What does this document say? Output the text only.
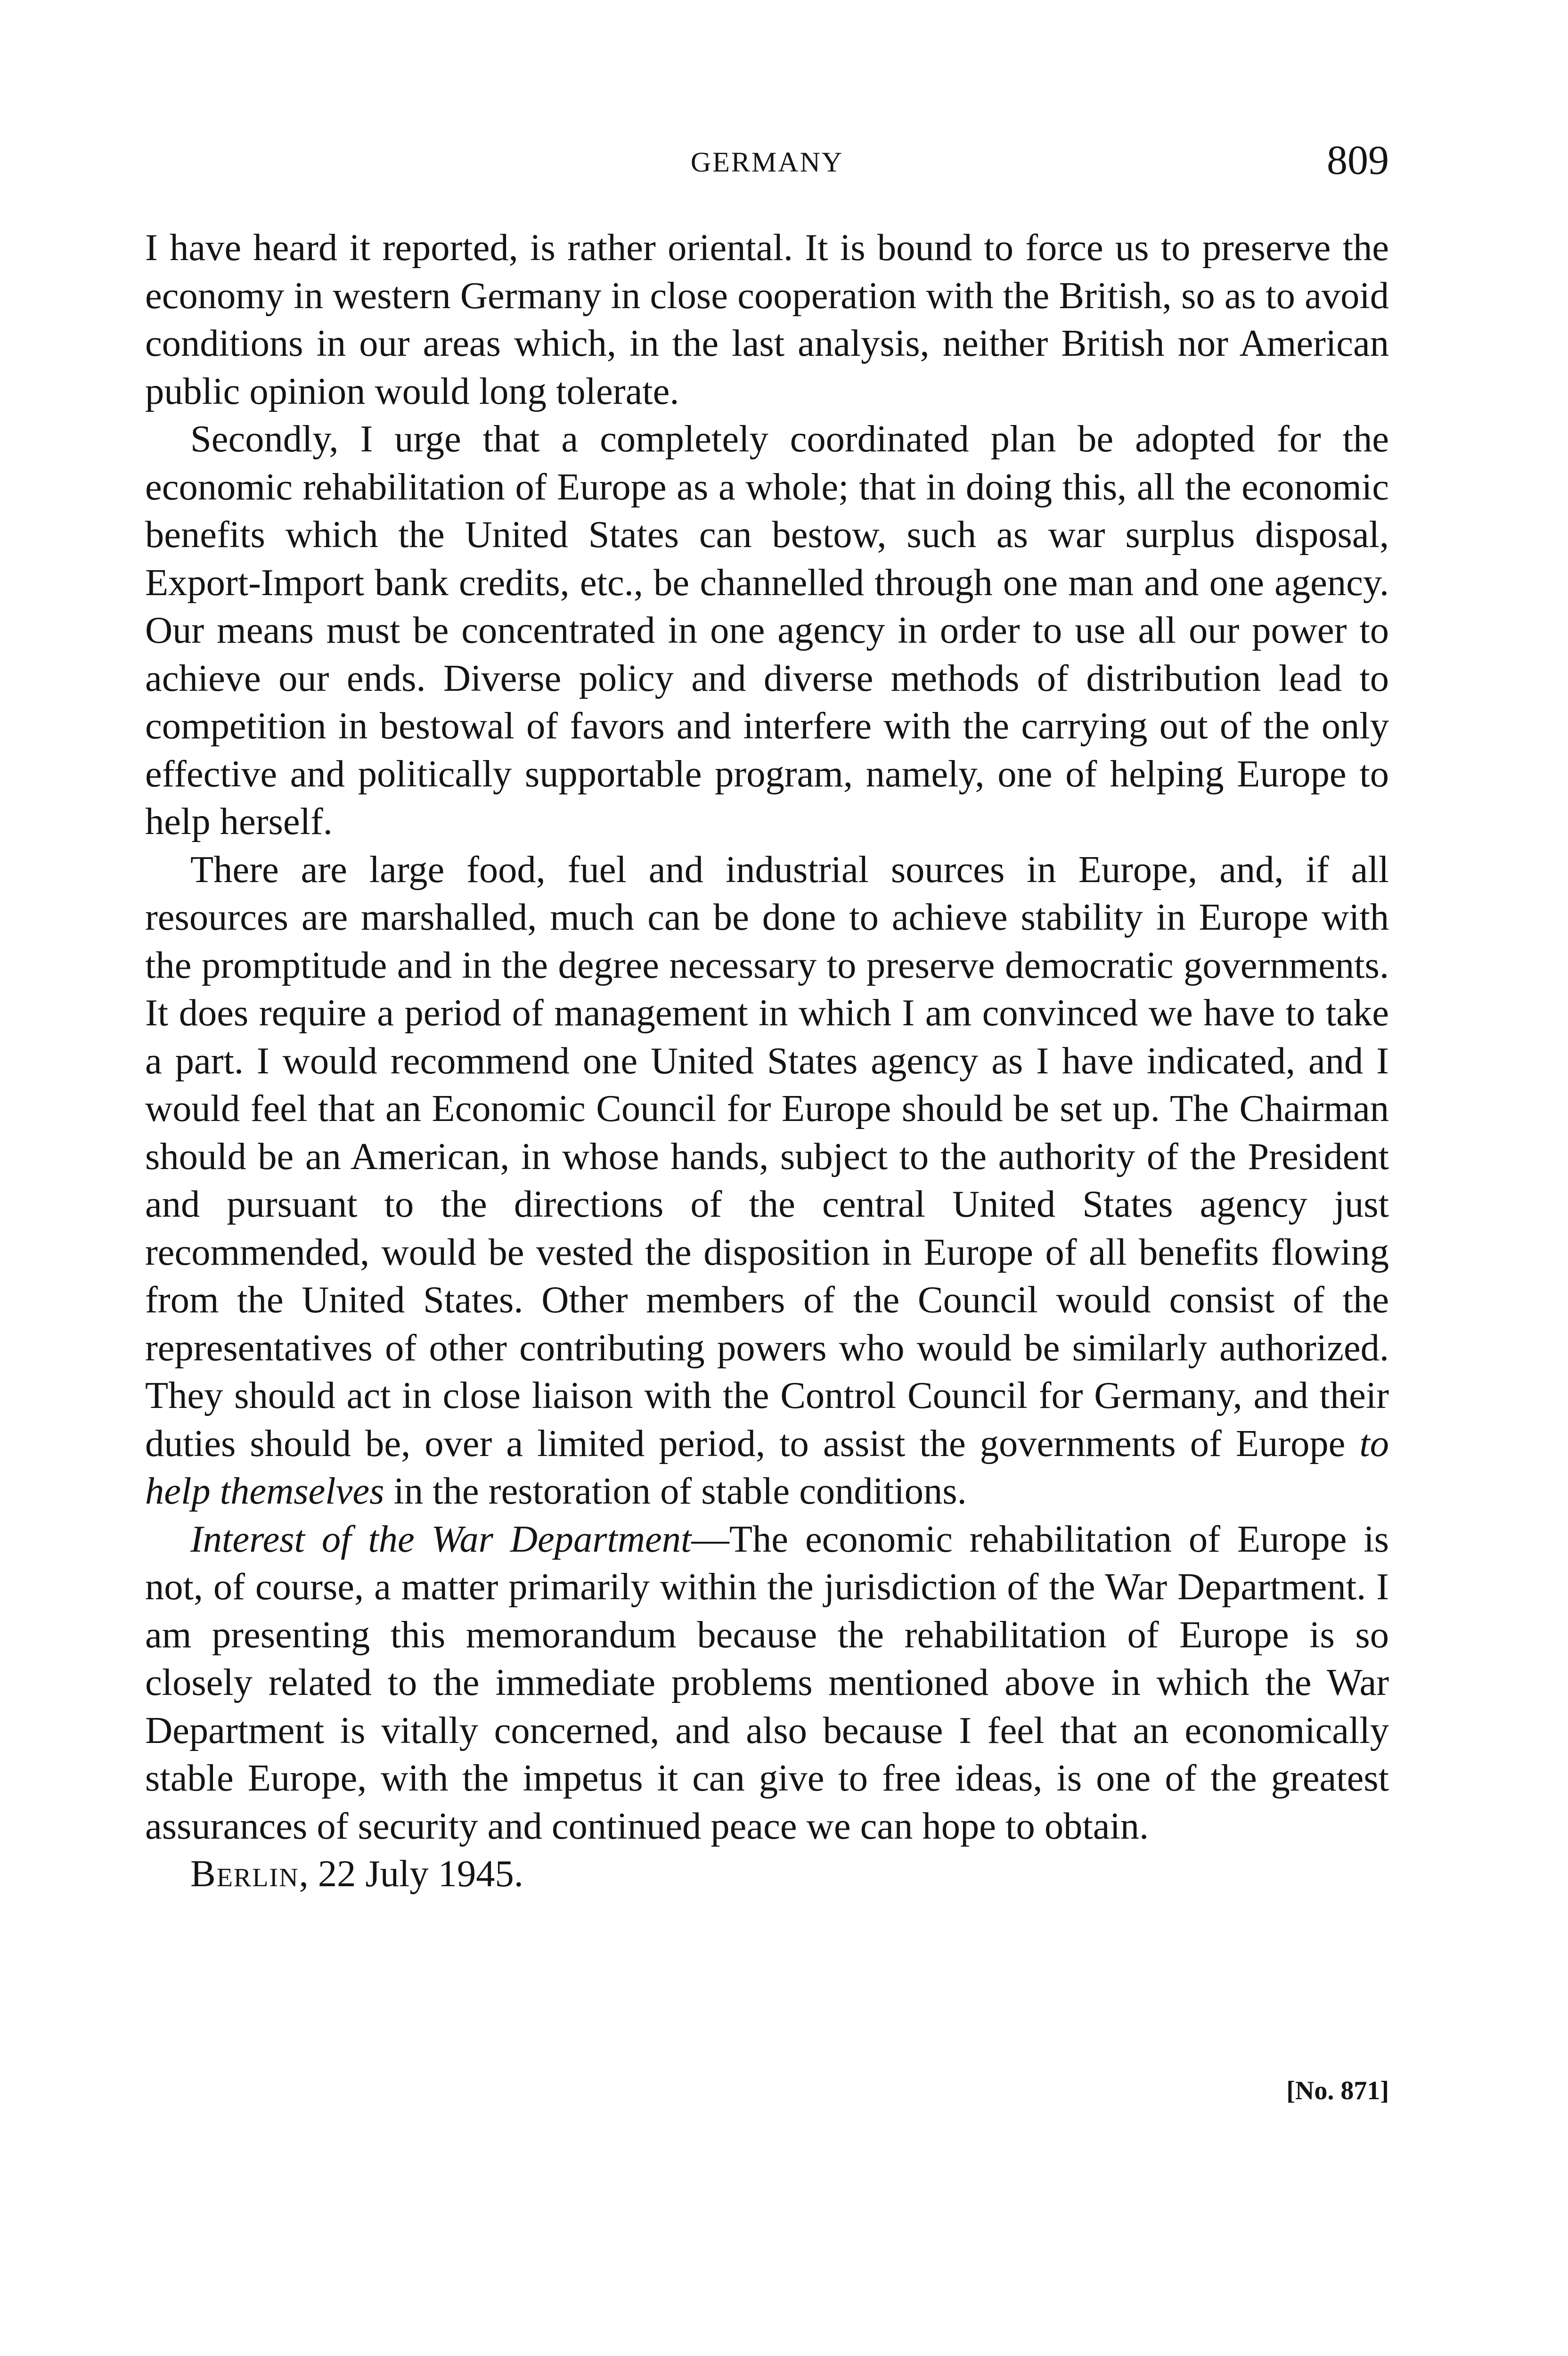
GERMANY	809

I have heard it reported, is rather oriental. It is bound to force us to preserve the economy in western Germany in close cooperation with the British, so as to avoid conditions in our areas which, in the last analysis, neither British nor American public opinion would long tolerate.

Secondly, I urge that a completely coordinated plan be adopted for the economic rehabilitation of Europe as a whole; that in doing this, all the economic benefits which the United States can bestow, such as war surplus disposal, Export-Import bank credits, etc., be channelled through one man and one agency. Our means must be concentrated in one agency in order to use all our power to achieve our ends. Diverse policy and diverse methods of distribution lead to competition in bestowal of favors and interfere with the carrying out of the only effective and politically supportable program, namely, one of helping Europe to help herself.

There are large food, fuel and industrial sources in Europe, and, if all resources are marshalled, much can be done to achieve stability in Europe with the promptitude and in the degree necessary to preserve democratic governments. It does require a period of management in which I am convinced we have to take a part. I would recommend one United States agency as I have indicated, and I would feel that an Economic Council for Europe should be set up. The Chairman should be an American, in whose hands, subject to the authority of the President and pursuant to the directions of the central United States agency just recommended, would be vested the disposition in Europe of all benefits flowing from the United States. Other members of the Council would consist of the representatives of other contributing powers who would be similarly authorized. They should act in close liaison with the Control Council for Germany, and their duties should be, over a limited period, to assist the governments of Europe to help themselves in the restoration of stable conditions.

Interest of the War Department—The economic rehabilitation of Europe is not, of course, a matter primarily within the jurisdiction of the War Department. I am presenting this memorandum because the rehabilitation of Europe is so closely related to the immediate problems mentioned above in which the War Department is vitally concerned, and also because I feel that an economically stable Europe, with the impetus it can give to free ideas, is one of the greatest assurances of security and continued peace we can hope to obtain.

Berlin, 22 July 1945.

[No. 871]
